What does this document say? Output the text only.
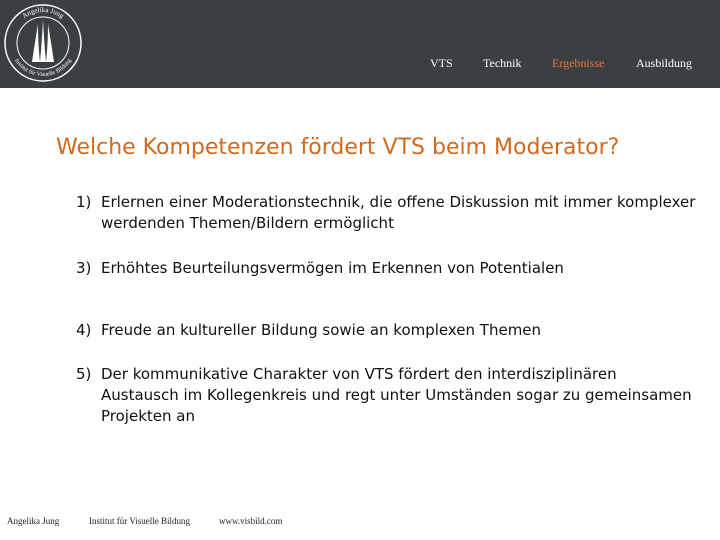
Angelika Jung
Institut für Visuelle Bildung	VTS	Technik	Ergebnisse	Ausbildung
Welche Kompetenzen fördert VTS beim Moderator?
1) Erlernen einer Moderationstechnik, die offene Diskussion mit immer komplexer werdenden Themen/Bildern ermöglicht
3) Erhöhtes Beurteilungsvermögen im Erkennen von Potentialen
4) Freude an kultureller Bildung sowie an komplexen Themen
5) Der kommunikative Charakter von VTS fördert den interdisziplinären Austausch im Kollegenkreis und regt unter Umständen sogar zu gemeinsamen Projekten an
Angelika Jung	Institut für Visuelle Bildung	www.visbild.com
